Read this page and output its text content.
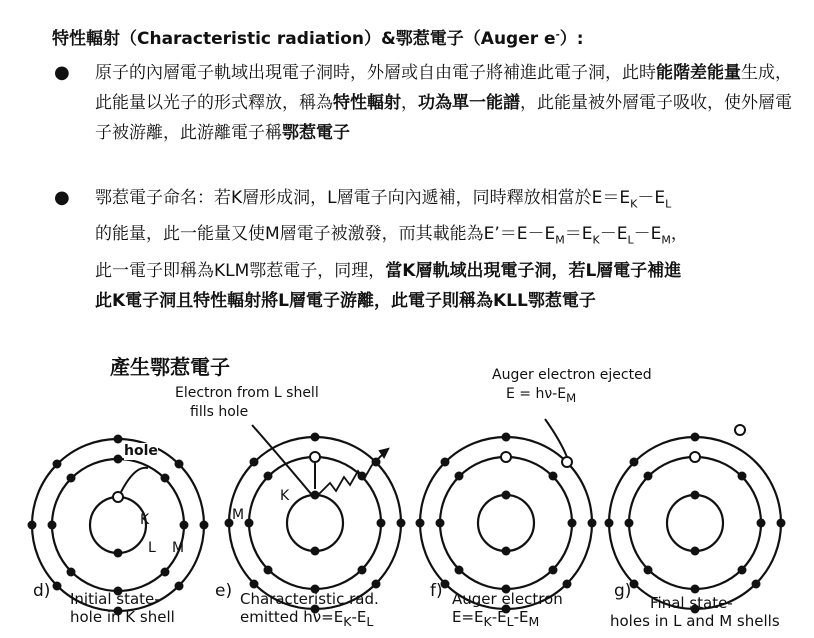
特性輻射（Characteristic radiation）&鄂惹電子（Auger e-）:
● 原子的內層電子軌域出現電子洞時，外層或自由電子將補進此電子洞，此時能階差能量生成，此能量以光子的形式釋放，稱為特性輻射，功為單一能譜，此能量被外層電子吸收，使外層電子被游離，此游離電子稱鄂惹電子
● 鄂惹電子命名：若K層形成洞，L層電子向內遞補，同時釋放相當於$E=E_K-E_L$
的能量，此一能量又使M層電子被激發，而其載能為$E’=E-E_M=E_K-E_L-E_M$，
此一電子即稱為KLM鄂惹電子，同理，當K層軌域出現電子洞，若L層電子補進
此K電子洞且特性輻射將L層電子游離，此電子則稱為KLL鄂惹電子
產生鄂惹電子
Electron from L shell
fills hole
Auger electron ejected
$E = h\nu-E_M$
hole
K
L M
K
M
d) Initial state-
hole in K shell
e) Characteristic rad.
emitted $h\nu=E_K-E_L$
f) Auger electron
$E=E_K-E_L-E_M$
g)
Final state-
holes in L and M shells
